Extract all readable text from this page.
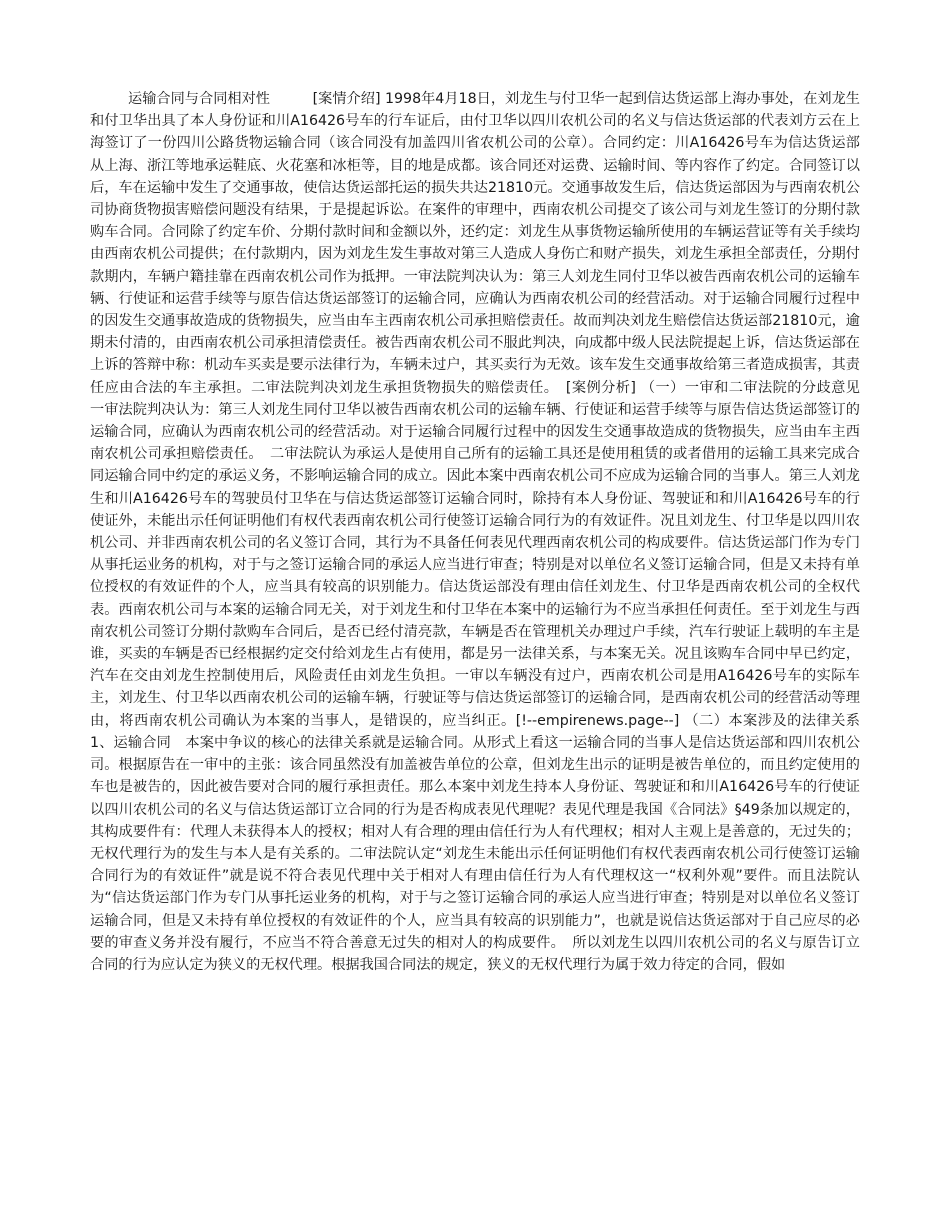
运输合同与合同相对性　　　[案情介绍] 1998年4月18日，刘龙生与付卫华一起到信达货运部上海办事处，在刘龙生和付卫华出具了本人身份证和川A16426号车的行车证后，由付卫华以四川农机公司的名义与信达货运部的代表刘方云在上海签订了一份四川公路货物运输合同（该合同没有加盖四川省农机公司的公章）。合同约定：川A16426号车为信达货运部从上海、浙江等地承运鞋底、火花塞和冰柜等，目的地是成都。该合同还对运费、运输时间、等内容作了约定。合同签订以后，车在运输中发生了交通事故，使信达货运部托运的损失共达21810元。交通事故发生后，信达货运部因为与西南农机公司协商货物损害赔偿问题没有结果，于是提起诉讼。在案件的审理中，西南农机公司提交了该公司与刘龙生签订的分期付款购车合同。合同除了约定车价、分期付款时间和金额以外，还约定：刘龙生从事货物运输所使用的车辆运营证等有关手续均由西南农机公司提供；在付款期内，因为刘龙生发生事故对第三人造成人身伤亡和财产损失，刘龙生承担全部责任，分期付款期内，车辆户籍挂靠在西南农机公司作为抵押。一审法院判决认为：第三人刘龙生同付卫华以被告西南农机公司的运输车辆、行使证和运营手续等与原告信达货运部签订的运输合同，应确认为西南农机公司的经营活动。对于运输合同履行过程中的因发生交通事故造成的货物损失，应当由车主西南农机公司承担赔偿责任。故而判决刘龙生赔偿信达货运部21810元，逾期未付清的，由西南农机公司承担清偿责任。被告西南农机公司不服此判决，向成都中级人民法院提起上诉，信达货运部在上诉的答辩中称：机动车买卖是要示法律行为，车辆未过户，其买卖行为无效。该车发生交通事故给第三者造成损害，其责任应由合法的车主承担。二审法院判决刘龙生承担货物损失的赔偿责任。　[案例分析] （一）一审和二审法院的分歧意见　一审法院判决认为：第三人刘龙生同付卫华以被告西南农机公司的运输车辆、行使证和运营手续等与原告信达货运部签订的运输合同，应确认为西南农机公司的经营活动。对于运输合同履行过程中的因发生交通事故造成的货物损失，应当由车主西南农机公司承担赔偿责任。　二审法院认为承运人是使用自己所有的运输工具还是使用租赁的或者借用的运输工具来完成合同运输合同中约定的承运义务，不影响运输合同的成立。因此本案中西南农机公司不应成为运输合同的当事人。第三人刘龙生和川A16426号车的驾驶员付卫华在与信达货运部签订运输合同时，除持有本人身份证、驾驶证和和川A16426号车的行使证外，未能出示任何证明他们有权代表西南农机公司行使签订运输合同行为的有效证件。况且刘龙生、付卫华是以四川农机公司、并非西南农机公司的名义签订合同，其行为不具备任何表见代理西南农机公司的构成要件。信达货运部门作为专门从事托运业务的机构，对于与之签订运输合同的承运人应当进行审查；特别是对以单位名义签订运输合同，但是又未持有单位授权的有效证件的个人，应当具有较高的识别能力。信达货运部没有理由信任刘龙生、付卫华是西南农机公司的全权代表。西南农机公司与本案的运输合同无关，对于刘龙生和付卫华在本案中的运输行为不应当承担任何责任。至于刘龙生与西南农机公司签订分期付款购车合同后，是否已经付清亮款，车辆是否在管理机关办理过户手续，汽车行驶证上载明的车主是谁，买卖的车辆是否已经根据约定交付给刘龙生占有使用，都是另一法律关系，与本案无关。况且该购车合同中早已约定，汽车在交由刘龙生控制使用后，风险责任由刘龙生负担。一审以车辆没有过户，西南农机公司是用A16426号车的实际车主，刘龙生、付卫华以西南农机公司的运输车辆，行驶证等与信达货运部签订的运输合同，是西南农机公司的经营活动等理由，将西南农机公司确认为本案的当事人，是错误的，应当纠正。[!--empirenews.page--] （二）本案涉及的法律关系　1、运输合同　本案中争议的核心的法律关系就是运输合同。从形式上看这一运输合同的当事人是信达货运部和四川农机公司。根据原告在一审中的主张：该合同虽然没有加盖被告单位的公章，但刘龙生出示的证明是被告单位的，而且约定使用的车也是被告的，因此被告要对合同的履行承担责任。那么本案中刘龙生持本人身份证、驾驶证和和川A16426号车的行使证以四川农机公司的名义与信达货运部订立合同的行为是否构成表见代理呢？表见代理是我国《合同法》§49条加以规定的，其构成要件有：代理人未获得本人的授权；相对人有合理的理由信任行为人有代理权；相对人主观上是善意的，无过失的；无权代理行为的发生与本人是有关系的。二审法院认定“刘龙生未能出示任何证明他们有权代表西南农机公司行使签订运输合同行为的有效证件”就是说不符合表见代理中关于相对人有理由信任行为人有代理权这一“权利外观”要件。而且法院认为“信达货运部门作为专门从事托运业务的机构，对于与之签订运输合同的承运人应当进行审查；特别是对以单位名义签订运输合同，但是又未持有单位授权的有效证件的个人，应当具有较高的识别能力”，也就是说信达货运部对于自己应尽的必要的审查义务并没有履行，不应当不符合善意无过失的相对人的构成要件。　所以刘龙生以四川农机公司的名义与原告订立合同的行为应认定为狭义的无权代理。根据我国合同法的规定，狭义的无权代理行为属于效力待定的合同，假如
